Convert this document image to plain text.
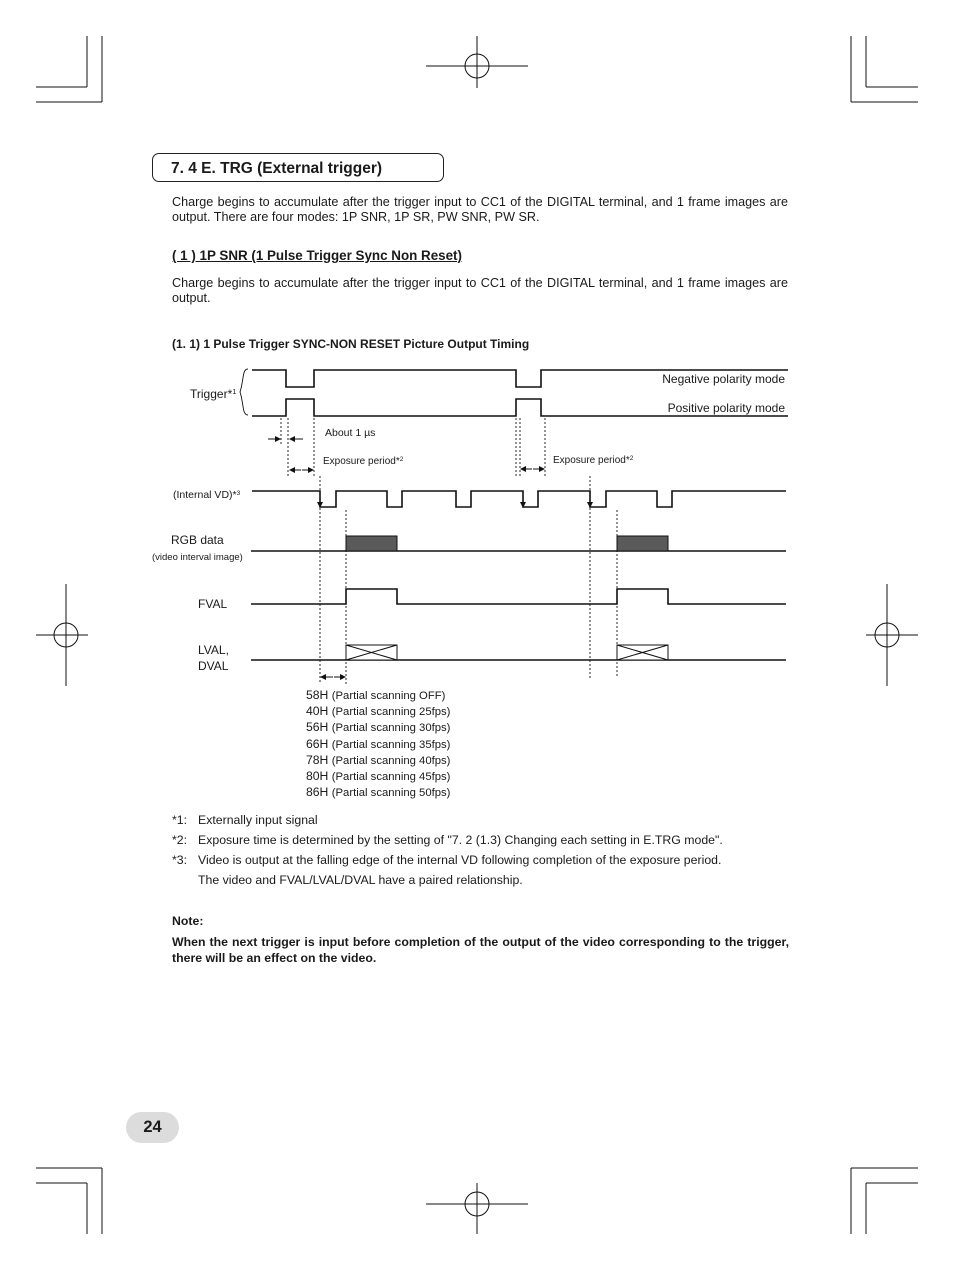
7. 4 E. TRG (External trigger)
Charge begins to accumulate after the trigger input to CC1 of the DIGITAL terminal, and 1 frame images are output. There are four modes: 1P SNR, 1P SR, PW SNR, PW SR.
( 1 ) 1P SNR (1 Pulse Trigger Sync Non Reset)
Charge begins to accumulate after the trigger input to CC1 of the DIGITAL terminal, and 1 frame images are output.
(1. 1) 1 Pulse Trigger SYNC-NON RESET Picture Output Timing
Trigger*$^1$
Negative polarity mode
Positive polarity mode
About 1 µs
Exposure period*$^2$	Exposure period*$^2$
(Internal VD)*$^3$
RGB data
(video interval image)
FVAL
LVAL,
DVAL
58H (Partial scanning OFF)
40H (Partial scanning 25fps)
56H (Partial scanning 30fps)
66H (Partial scanning 35fps)
78H (Partial scanning 40fps)
80H (Partial scanning 45fps)
86H (Partial scanning 50fps)
*1: Externally input signal
*2: Exposure time is determined by the setting of "7. 2 (1.3) Changing each setting in E.TRG mode".
*3: Video is output at the falling edge of the internal VD following completion of the exposure period.
The video and FVAL/LVAL/DVAL have a paired relationship.
Note:
When the next trigger is input before completion of the output of the video corresponding to the trigger, there will be an effect on the video.
24
